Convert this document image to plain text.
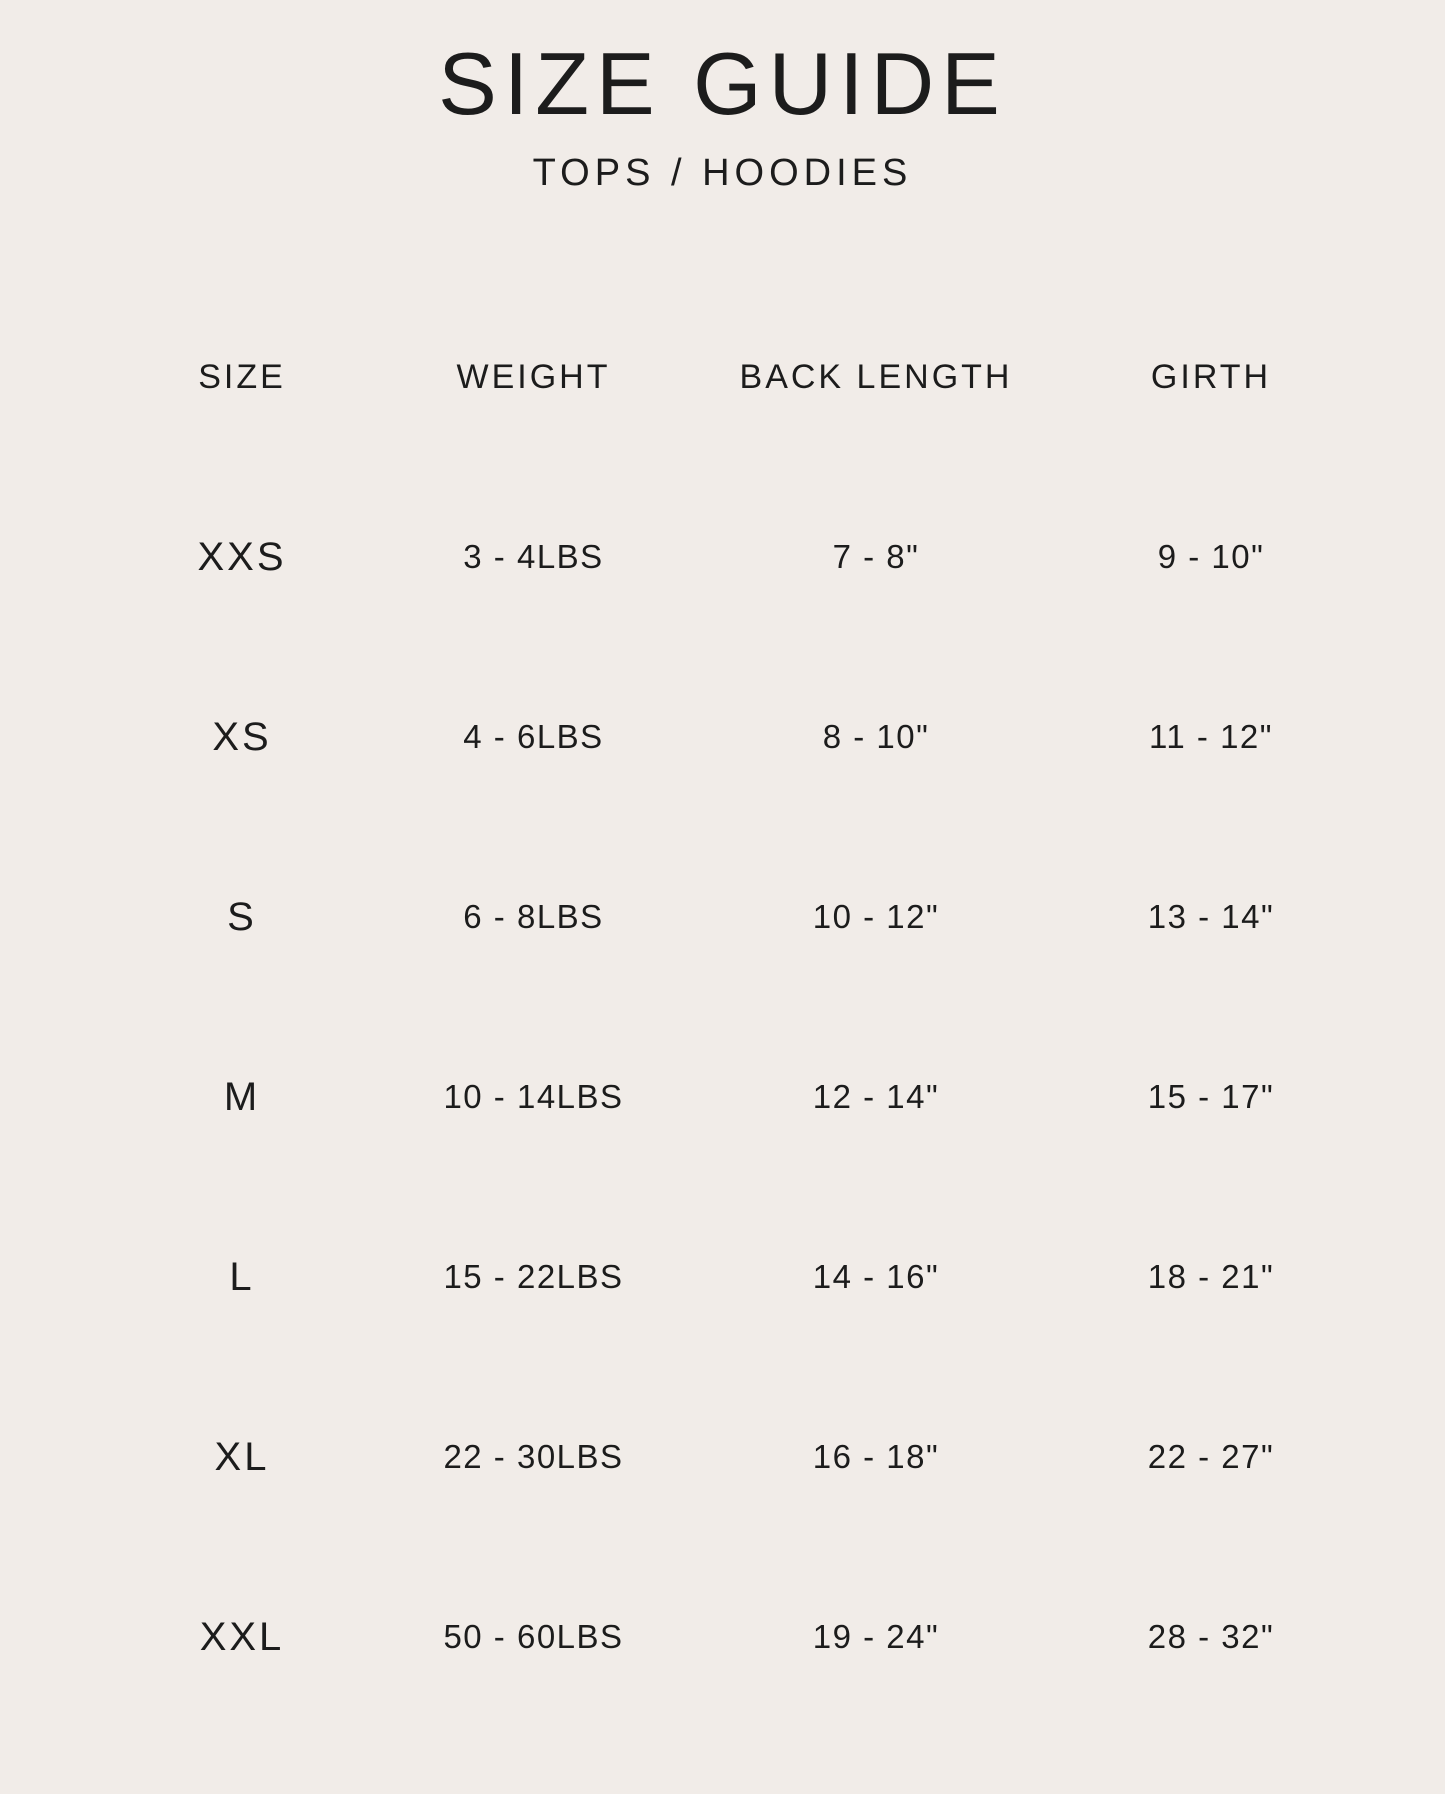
SIZE GUIDE
TOPS / HOODIES
SIZE	WEIGHT	BACK LENGTH	GIRTH
XXS	3 - 4LBS	7 - 8"	9 - 10"
XS	4 - 6LBS	8 - 10"	11 - 12"
S	6 - 8LBS	10 - 12"	13 - 14"
M	10 - 14LBS	12 - 14"	15 - 17"
L	15 - 22LBS	14 - 16"	18 - 21"
XL	22 - 30LBS	16 - 18"	22 - 27"
XXL	50 - 60LBS	19 - 24"	28 - 32"
